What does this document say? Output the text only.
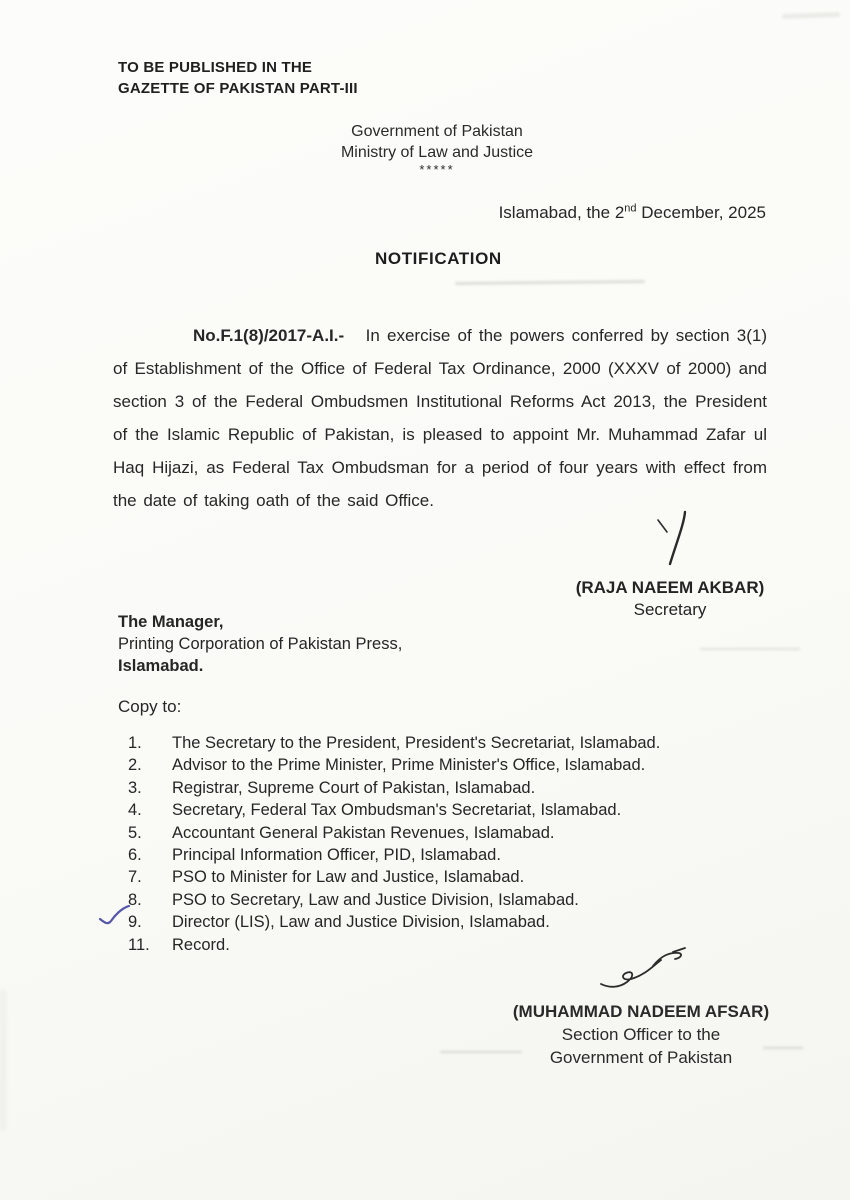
TO BE PUBLISHED IN THE
GAZETTE OF PAKISTAN PART-III
Government of Pakistan
Ministry of Law and Justice
*****
Islamabad, the 2nd December, 2025
NOTIFICATION

No.F.1(8)/2017-A.I.- In exercise of the powers conferred by section 3(1) of Establishment of the Office of Federal Tax Ordinance, 2000 (XXXV of 2000) and section 3 of the Federal Ombudsmen Institutional Reforms Act 2013, the President of the Islamic Republic of Pakistan, is pleased to appoint Mr. Muhammad Zafar ul Haq Hijazi, as Federal Tax Ombudsman for a period of four years with effect from the date of taking oath of the said Office.

(RAJA NAEEM AKBAR)
Secretary
The Manager,
Printing Corporation of Pakistan Press,
Islamabad.
Copy to:
1.	The Secretary to the President, President's Secretariat, Islamabad.
2.	Advisor to the Prime Minister, Prime Minister's Office, Islamabad.
3.	Registrar, Supreme Court of Pakistan, Islamabad.
4.	Secretary, Federal Tax Ombudsman's Secretariat, Islamabad.
5.	Accountant General Pakistan Revenues, Islamabad.
6.	Principal Information Officer, PID, Islamabad.
7.	PSO to Minister for Law and Justice, Islamabad.
8.	PSO to Secretary, Law and Justice Division, Islamabad.
9.	Director (LIS), Law and Justice Division, Islamabad.
11.	Record.
(MUHAMMAD NADEEM AFSAR)
Section Officer to the
Government of Pakistan
